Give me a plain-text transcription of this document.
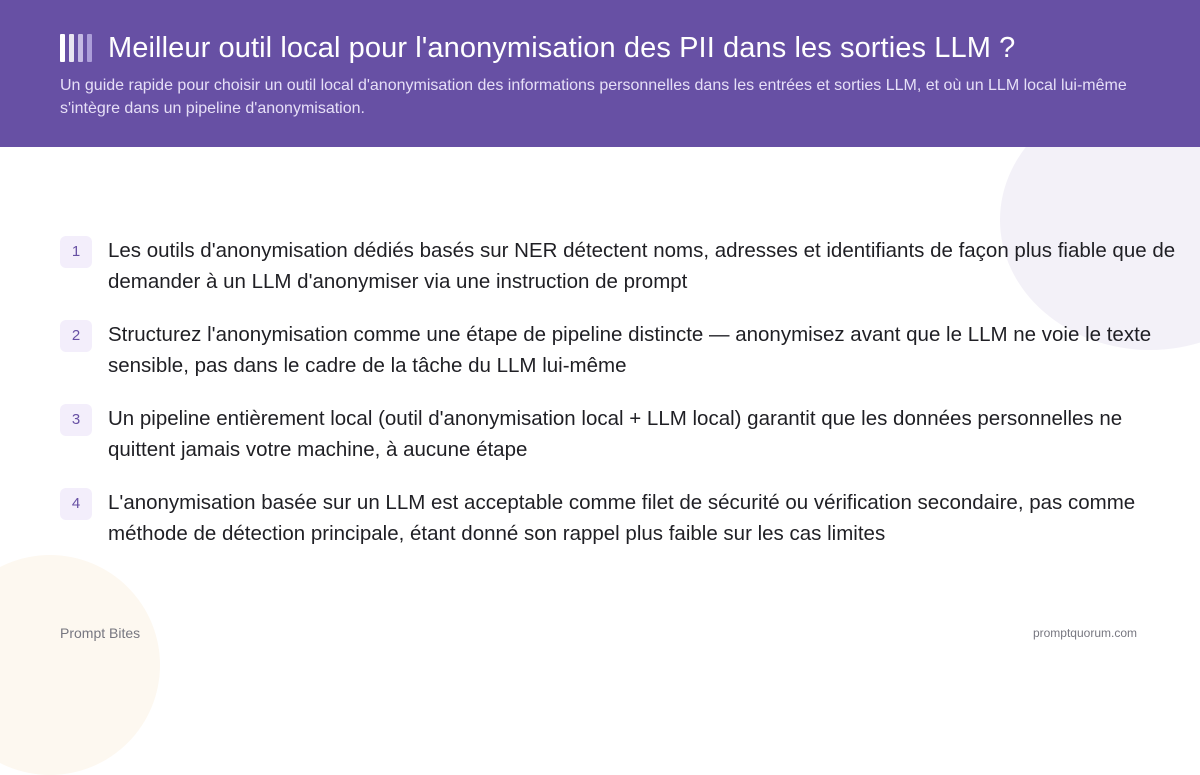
Meilleur outil local pour l'anonymisation des PII dans les sorties LLM ?

Un guide rapide pour choisir un outil local d'anonymisation des informations personnelles dans les entrées et sorties LLM, et où un LLM local lui-même s'intègre dans un pipeline d'anonymisation.

1	Les outils d'anonymisation dédiés basés sur NER détectent noms, adresses et identifiants de façon plus fiable que de demander à un LLM d'anonymiser via une instruction de prompt
2	Structurez l'anonymisation comme une étape de pipeline distincte — anonymisez avant que le LLM ne voie le texte sensible, pas dans le cadre de la tâche du LLM lui-même
3	Un pipeline entièrement local (outil d'anonymisation local + LLM local) garantit que les données personnelles ne quittent jamais votre machine, à aucune étape
4	L'anonymisation basée sur un LLM est acceptable comme filet de sécurité ou vérification secondaire, pas comme méthode de détection principale, étant donné son rappel plus faible sur les cas limites
Prompt Bites	promptquorum.com
